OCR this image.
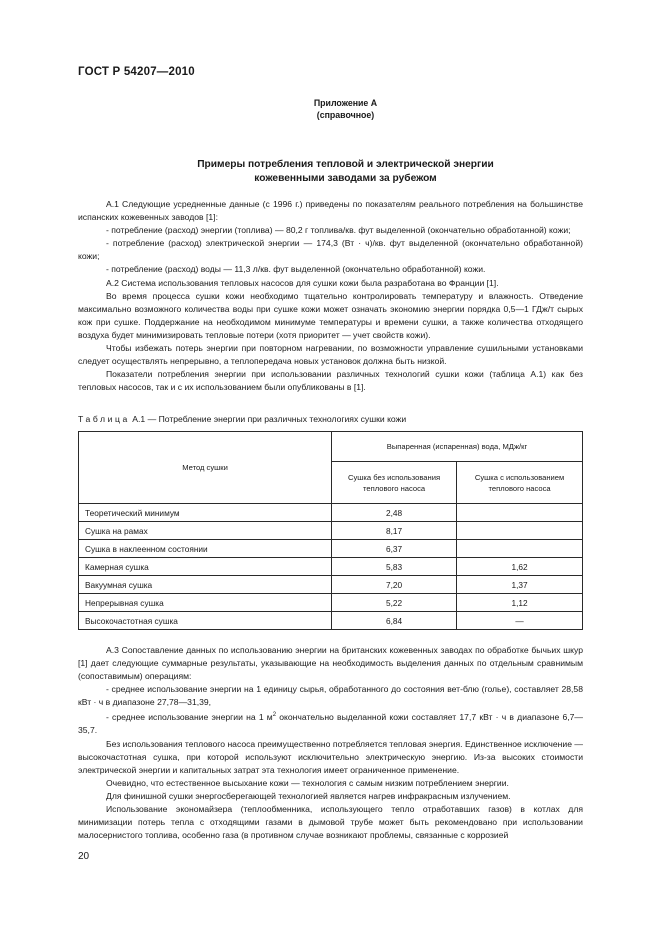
ГОСТ Р 54207—2010
Приложение А
(справочное)
Примеры потребления тепловой и электрической энергии
кожевенными заводами за рубежом

А.1 Следующие усредненные данные (с 1996 г.) приведены по показателям реального потребления на большинстве испанских кожевенных заводов [1]:

- потребление (расход) энергии (топлива) — 80,2 г топлива/кв. фут выделенной (окончательно обработанной) кожи;

- потребление (расход) электрической энергии — 174,3 (Вт · ч)/кв. фут выделенной (окончательно обработанной) кожи;

- потребление (расход) воды — 11,3 л/кв. фут выделенной (окончательно обработанной) кожи.

А.2 Система использования тепловых насосов для сушки кожи была разработана во Франции [1].

Во время процесса сушки кожи необходимо тщательно контролировать температуру и влажность. Отведение максимально возможного количества воды при сушке кожи может означать экономию энергии порядка 0,5—1 ГДж/т сырых кож при сушке. Поддержание на необходимом минимуме температуры и времени сушки, а также количества отходящего воздуха будет минимизировать тепловые потери (хотя приоритет — учет свойств кожи).

Чтобы избежать потерь энергии при повторном нагревании, по возможности управление сушильными установками следует осуществлять непрерывно, а теплопередача новых установок должна быть низкой.

Показатели потребления энергии при использовании различных технологий сушки кожи (таблица А.1) как без тепловых насосов, так и с их использованием были опубликованы в [1].

Таблица А.1 — Потребление энергии при различных технологиях сушки кожи
Метод сушки	Выпаренная (испаренная) вода, МДж/кг	
	Сушка без использования теплового насоса	Сушка с использованием теплового насоса
Теоретический минимум	2,48	
Сушка на рамах	8,17	
Сушка в наклеенном состоянии	6,37	
Камерная сушка	5,83	1,62
Вакуумная сушка	7,20	1,37
Непрерывная сушка	5,22	1,12
Высокочастотная сушка	6,84	—

А.3 Сопоставление данных по использованию энергии на британских кожевенных заводах по обработке бычьих шкур [1] дает следующие суммарные результаты, указывающие на необходимость выделения данных по отдельным сравнимым (сопоставимым) операциям:

- среднее использование энергии на 1 единицу сырья, обработанного до состояния вет-блю (голье), составляет 28,58 кВт · ч в диапазоне 27,78—31,39,

- среднее использование энергии на 1 $м^2$ окончательно выделанной кожи составляет 17,7 кВт · ч в диапазоне 6,7—35,7.

Без использования теплового насоса преимущественно потребляется тепловая энергия. Единственное исключение — высокочастотная сушка, при которой используют исключительно электрическую энергию. Из-за высоких стоимости электрической энергии и капитальных затрат эта технология имеет ограниченное применение.

Очевидно, что естественное высыхание кожи — технология с самым низким потреблением энергии.

Для финишной сушки энергосберегающей технологией является нагрев инфракрасным излучением.

Использование экономайзера (теплообменника, использующего тепло отработавших газов) в котлах для минимизации потерь тепла с отходящими газами в дымовой трубе может быть рекомендовано при использовании малосернистого топлива, особенно газа (в противном случае возникают проблемы, связанные с коррозией

20
